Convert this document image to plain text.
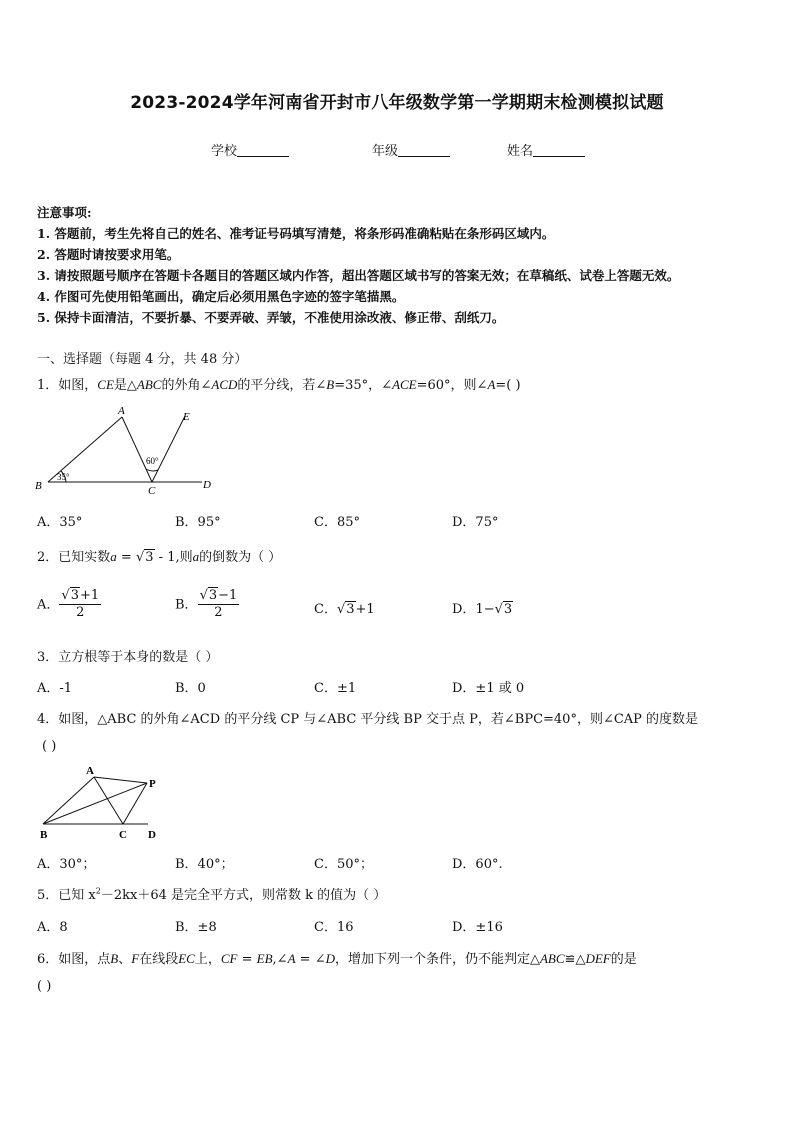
2023-2024学年河南省开封市八年级数学第一学期期末检测模拟试题
学校	年级	姓名
注意事项:
1. 答题前，考生先将自己的姓名、准考证号码填写清楚，将条形码准确粘贴在条形码区域内。
2. 答题时请按要求用笔。
3. 请按照题号顺序在答题卡各题目的答题区域内作答，超出答题区域书写的答案无效；在草稿纸、试卷上答题无效。
4. 作图可先使用铅笔画出，确定后必须用黑色字迹的签字笔描黑。
5. 保持卡面清洁，不要折暴、不要弄破、弄皱，不准使用涂改液、修正带、刮纸刀。
一、选择题（每题 4 分，共 48 分）
1．如图，CE是△ABC的外角∠ACD的平分线，若∠B=35°，∠ACE=60°，则∠A=( )
A
B	C	D
E
35°
60°
A．35°	B．95°	C．85°	D．75°
2．已知实数a = √3 - 1,则a的倒数为（ ）
A． $\frac{√3+1}{2}$	B． $\frac{√3-1}{2}$	C．√3+1	D．1−√3
3．立方根等于本身的数是（ ）
A．-1	B．0	C．±1	D．±1 或 0
4．如图，△ABC 的外角∠ACD 的平分线 CP 与∠ABC 平分线 BP 交于点 P，若∠BPC=40°，则∠CAP 的度数是
( )
A
B	C D
P
A．30°；	B．40°；	C．50°；	D．60°.
5．已知 $x^2-2kx+64$ 是完全平方式，则常数 k 的值为（ ）
A．8	B．±8	C．16	D．±16
6．如图，点B、F在线段EC上，CF = EB,∠A = ∠D，增加下列一个条件，仍不能判定△ABC≌△DEF的是
( )
